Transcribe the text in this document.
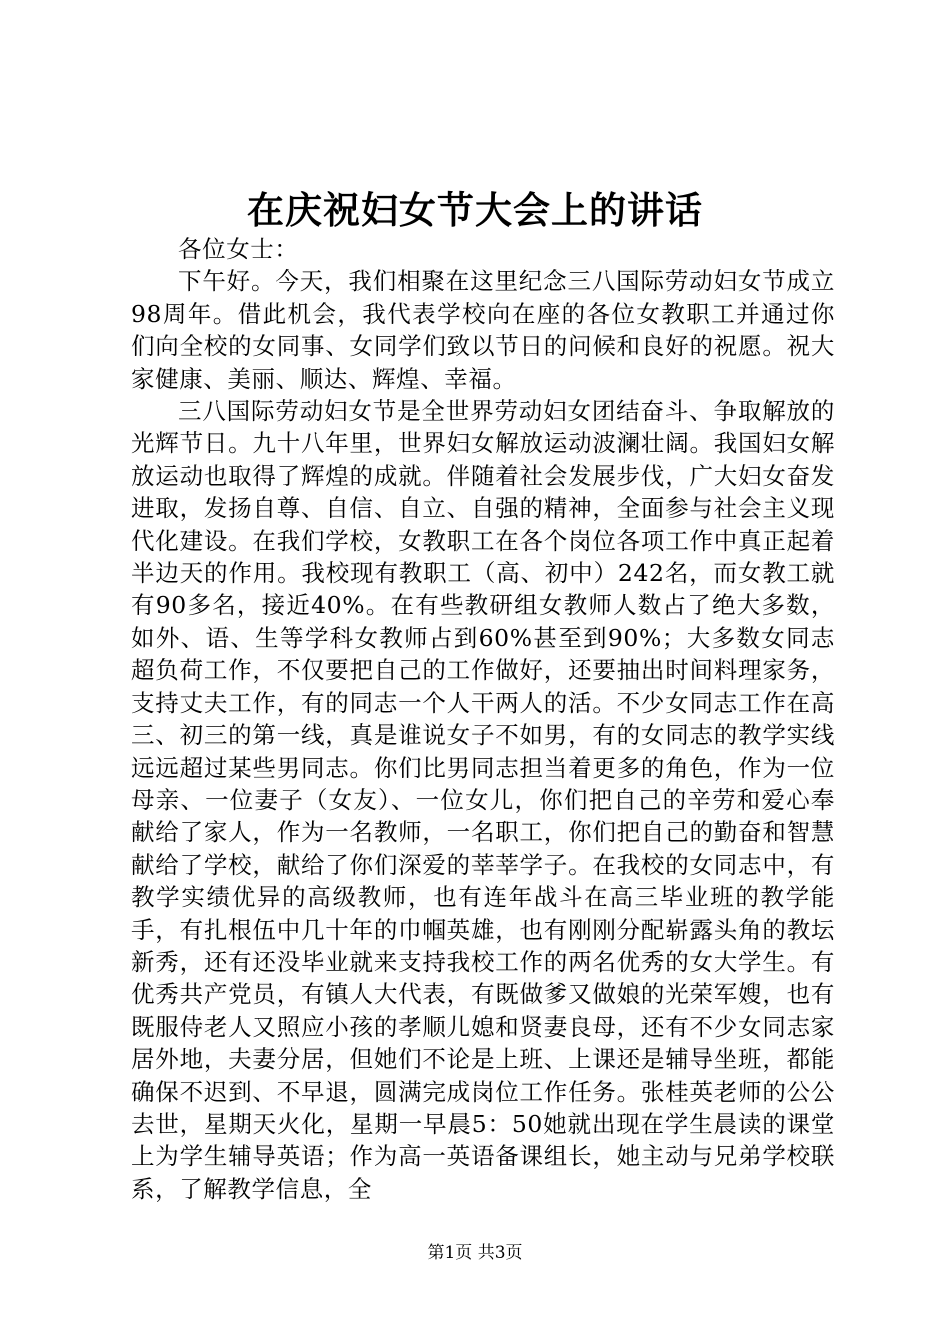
在庆祝妇女节大会上的讲话

各位女士：

下午好。今天，我们相聚在这里纪念三八国际劳动妇女节成立98周年。借此机会，我代表学校向在座的各位女教职工并通过你们向全校的女同事、女同学们致以节日的问候和良好的祝愿。祝大家健康、美丽、顺达、辉煌、幸福。

三八国际劳动妇女节是全世界劳动妇女团结奋斗、争取解放的光辉节日。九十八年里，世界妇女解放运动波澜壮阔。我国妇女解放运动也取得了辉煌的成就。伴随着社会发展步伐，广大妇女奋发进取，发扬自尊、自信、自立、自强的精神，全面参与社会主义现代化建设。在我们学校，女教职工在各个岗位各项工作中真正起着半边天的作用。我校现有教职工（高、初中）242名，而女教工就有90多名，接近40%。在有些教研组女教师人数占了绝大多数，如外、语、生等学科女教师占到60%甚至到90%；大多数女同志超负荷工作，不仅要把自己的工作做好，还要抽出时间料理家务，支持丈夫工作，有的同志一个人干两人的活。不少女同志工作在高三、初三的第一线，真是谁说女子不如男，有的女同志的教学实线远远超过某些男同志。你们比男同志担当着更多的角色，作为一位母亲、一位妻子（女友）、一位女儿，你们把自己的辛劳和爱心奉献给了家人，作为一名教师，一名职工，你们把自己的勤奋和智慧献给了学校，献给了你们深爱的莘莘学子。在我校的女同志中，有教学实绩优异的高级教师，也有连年战斗在高三毕业班的教学能手，有扎根伍中几十年的巾帼英雄，也有刚刚分配崭露头角的教坛新秀，还有还没毕业就来支持我校工作的两名优秀的女大学生。有优秀共产党员，有镇人大代表，有既做爹又做娘的光荣军嫂，也有既服侍老人又照应小孩的孝顺儿媳和贤妻良母，还有不少女同志家居外地，夫妻分居，但她们不论是上班、上课还是辅导坐班，都能确保不迟到、不早退，圆满完成岗位工作任务。张桂英老师的公公去世，星期天火化，星期一早晨5：50她就出现在学生晨读的课堂上为学生辅导英语；作为高一英语备课组长，她主动与兄弟学校联系，了解教学信息，全

第1页 共3页
